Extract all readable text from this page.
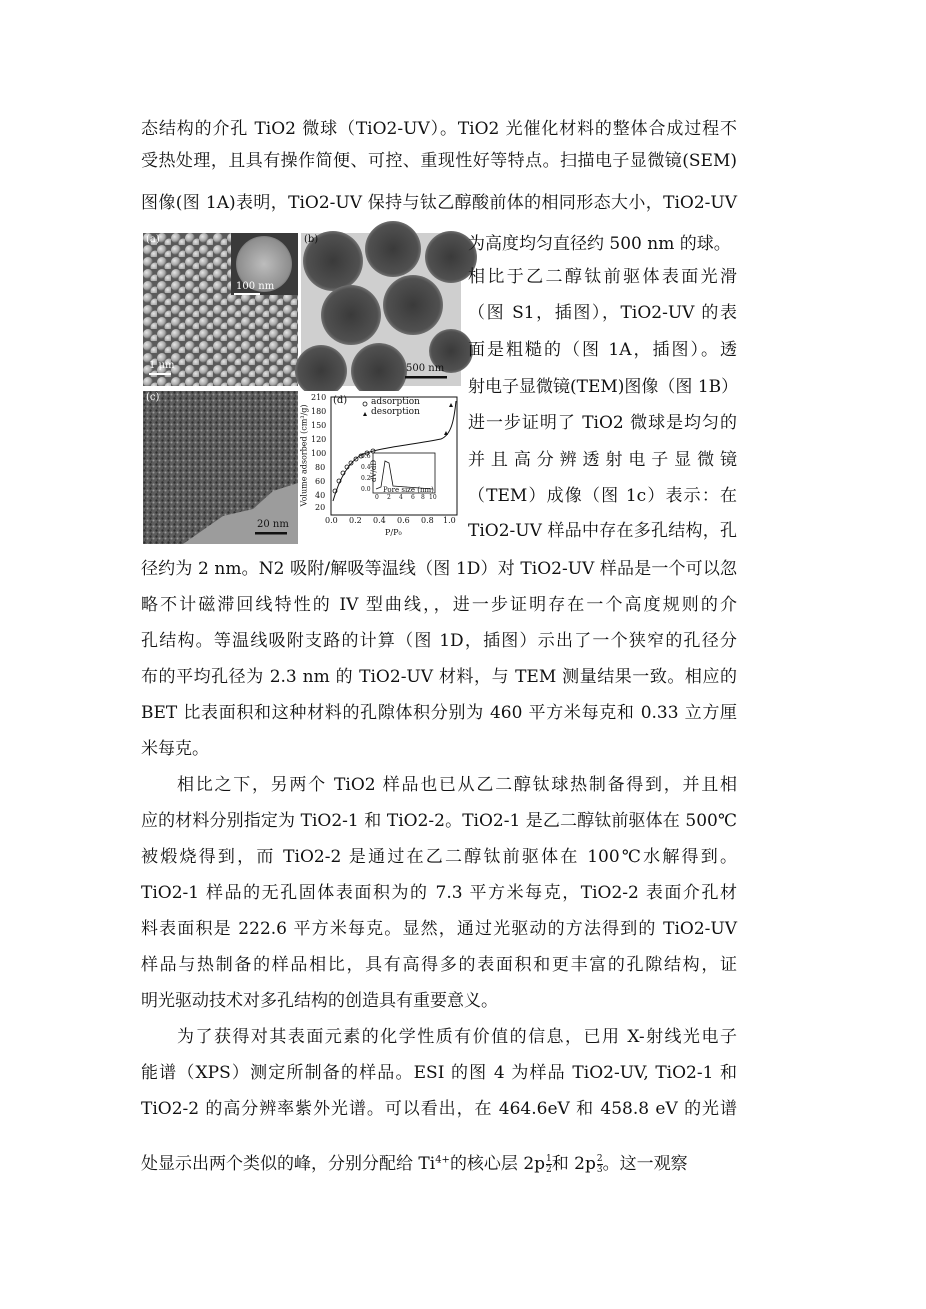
态结构的介孔 TiO2 微球（TiO2-UV）。TiO2 光催化材料的整体合成过程不
受热处理，且具有操作简便、可控、重现性好等特点。扫描电子显微镜(SEM)
图像(图 1A)表明，TiO2-UV 保持与钛乙醇酸前体的相同形态大小，TiO2-UV
(a)
100 nm
1 μm
(b)
500 nm
(c)
20 nm
(d)	adsorption
desorption
Volume adsorbed (cm³/g)
P/P₀
Pore size (nm)
dV/dD
0.6
0.4
0.2
0.0
0 2 4 6 8 10
210
180
150
120
100
80
60
40
20
0.0 0.2 0.4 0.6 0.8 1.0
为高度均匀直径约 500 nm 的球。
相比于乙二醇钛前驱体表面光滑
（图 S1，插图），TiO2-UV 的表
面是粗糙的（图 1A，插图）。透
射电子显微镜(TEM)图像（图 1B）
进一步证明了 TiO2 微球是均匀的
并且高分辨透射电子显微镜
（TEM）成像（图 1c）表示：在
TiO2-UV 样品中存在多孔结构，孔
径约为 2 nm。N2 吸附/解吸等温线（图 1D）对 TiO2-UV 样品是一个可以忽
略不计磁滞回线特性的 IV 型曲线，，进一步证明存在一个高度规则的介
孔结构。等温线吸附支路的计算（图 1D，插图）示出了一个狭窄的孔径分
布的平均孔径为 2.3 nm 的 TiO2-UV 材料，与 TEM 测量结果一致。相应的
BET 比表面积和这种材料的孔隙体积分别为 460 平方米每克和 0.33 立方厘
米每克。
相比之下，另两个 TiO2 样品也已从乙二醇钛球热制备得到，并且相
应的材料分别指定为 TiO2-1 和 TiO2-2。TiO2-1 是乙二醇钛前驱体在 500℃
被煅烧得到，而 TiO2-2 是通过在乙二醇钛前驱体在 100℃水解得到。
TiO2-1 样品的无孔固体表面积为的 7.3 平方米每克，TiO2-2 表面介孔材
料表面积是 222.6 平方米每克。显然，通过光驱动的方法得到的 TiO2-UV
样品与热制备的样品相比，具有高得多的表面积和更丰富的孔隙结构，证
明光驱动技术对多孔结构的创造具有重要意义。
为了获得对其表面元素的化学性质有价值的信息，已用 X-射线光电子
能谱（XPS）测定所制备的样品。ESI 的图 4 为样品 TiO2-UV, TiO2-1 和
TiO2-2 的高分辨率紫外光谱。可以看出，在 464.6eV 和 458.8 eV 的光谱
处显示出两个类似的峰，分别分配给 $Ti^{4+}$的核心层 $2p \frac{1}{2}$ 和 $2p \frac{2}{3}$ 。这一观察
